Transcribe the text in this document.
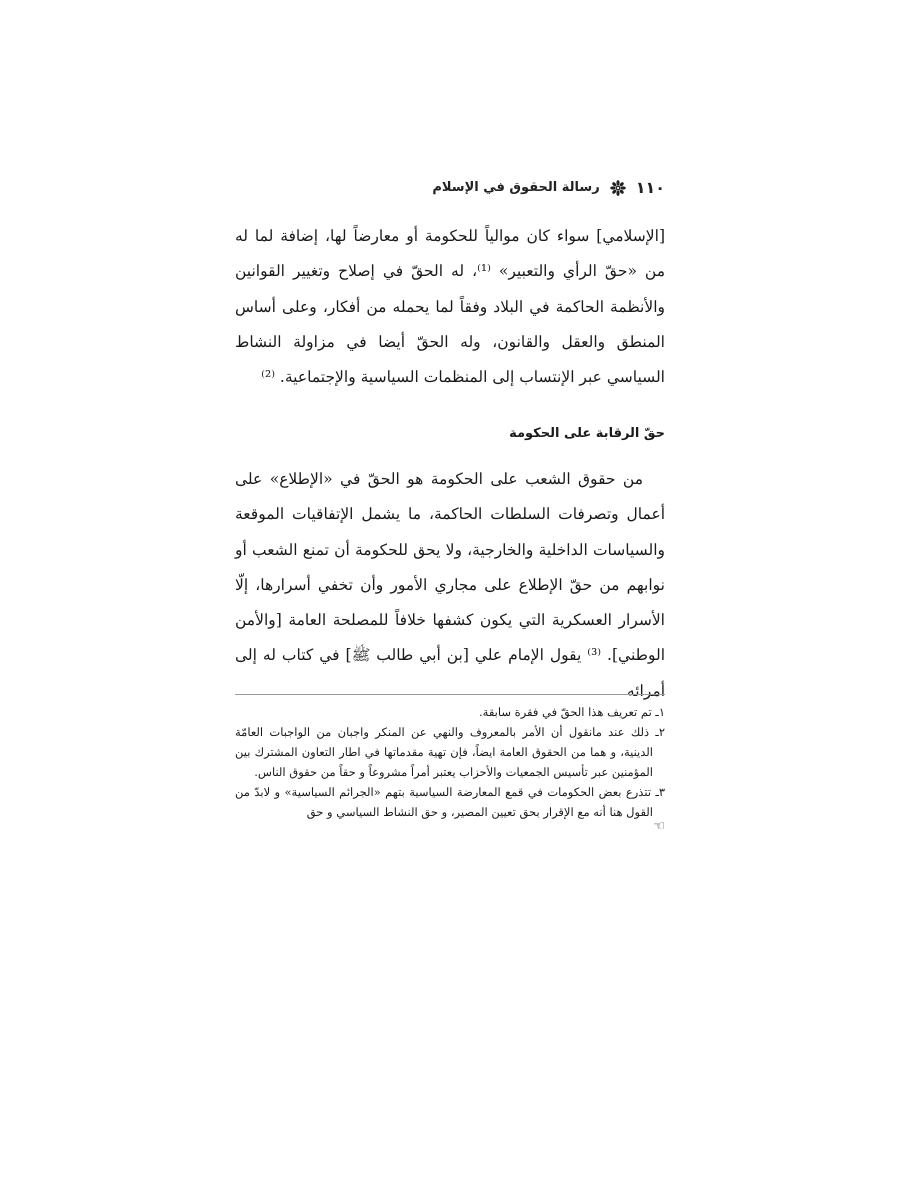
١١٠
رسالة الحقوق في الإسلام

[الإسلامي] سواء كان موالياً للحكومة أو معارضاً لها، إضافة لما له من «حقّ الرأي والتعبير» ⁽¹⁾، له الحقّ في إصلاح وتغيير القوانين والأنظمة الحاكمة في البلاد وفقاً لما يحمله من أفكار، وعلى أساس المنطق والعقل والقانون، وله الحقّ أيضا في مزاولة النشاط السياسي عبر الإنتساب إلى المنظمات السياسية والإجتماعية. ⁽²⁾

حقّ الرقابة على الحكومة

من حقوق الشعب على الحكومة هو الحقّ في «الإطلاع» على أعمال وتصرفات السلطات الحاكمة، ما يشمل الإتفاقيات الموقعة والسياسات الداخلية والخارجية، ولا يحق للحكومة أن تمنع الشعب أو نوابهم من حقّ الإطلاع على مجاري الأمور وأن تخفي أسرارها، إلّا الأسرار العسكرية التي يكون كشفها خلافاً للمصلحة العامة [والأمن الوطني]. ⁽³⁾ يقول الإمام علي [بن أبي طالب ﷺ] في كتاب له إلى أمرائه

١ـ تم تعريف هذا الحقّ في فقرة سابقة.

٢ـ ذلك عند مانقول أن الأمر بالمعروف والنهي عن المنكر واجبان من الواجبات العامّة الدينية، و هما من الحقوق العامة ايضاً، فإن تهية مقدماتها في اطار التعاون المشترك بين المؤمنين عبر تأسيس الجمعيات والأحزاب يعتبر أمراً مشروعاً و حقاً من حقوق الناس.

٣ـ تتذرع بعض الحكومات في قمع المعارضة السياسية بتهم «الجرائم السياسية» و لابدّ من القول هنا أنه مع الإقرار بحق تعيين المصير، و حق النشاط السياسي و حق

☜
